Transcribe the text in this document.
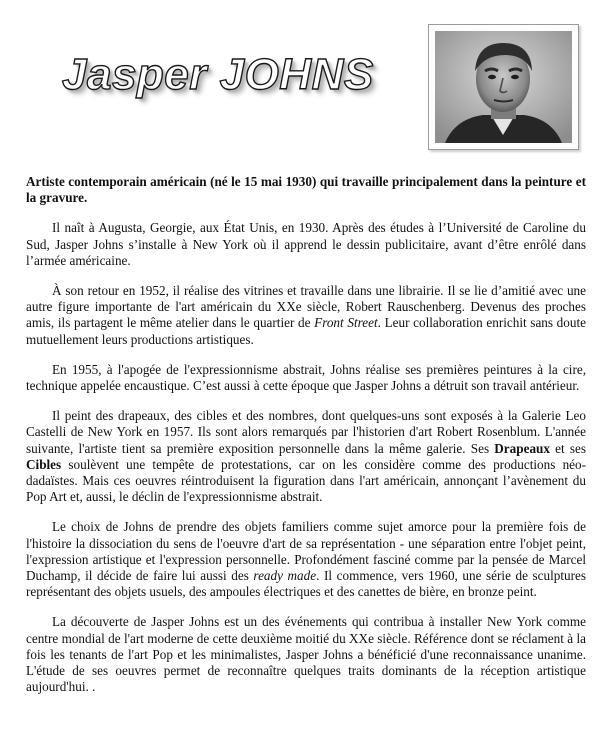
Jasper JOHNS

Artiste contemporain américain (né le 15 mai 1930) qui travaille principalement dans la peinture et la gravure.

Il naît à Augusta, Georgie, aux État Unis, en 1930. Après des études à l’Université de Caroline du Sud, Jasper Johns s’installe à New York où il apprend le dessin publicitaire, avant d’être enrôlé dans l’armée américaine.

À son retour en 1952, il réalise des vitrines et travaille dans une librairie. Il se lie d’amitié avec une autre figure importante de l'art américain du XXe siècle, Robert Rauschenberg. Devenus des proches amis, ils partagent le même atelier dans le quartier de Front Street. Leur collaboration enrichit sans doute mutuellement leurs productions artistiques.

En 1955, à l'apogée de l'expressionnisme abstrait, Johns réalise ses premières peintures à la cire, technique appelée encaustique. C’est aussi à cette époque que Jasper Johns a détruit son travail antérieur.

Il peint des drapeaux, des cibles et des nombres, dont quelques-uns sont exposés à la Galerie Leo Castelli de New York en 1957. Ils sont alors remarqués par l'historien d'art Robert Rosenblum. L'année suivante, l'artiste tient sa première exposition personnelle dans la même galerie. Ses Drapeaux et ses Cibles soulèvent une tempête de protestations, car on les considère comme des productions néo-dadaïstes. Mais ces oeuvres réintroduisent la figuration dans l'art américain, annonçant l’avènement du Pop Art et, aussi, le déclin de l'expressionnisme abstrait.

Le choix de Johns de prendre des objets familiers comme sujet amorce pour la première fois de l'histoire la dissociation du sens de l'oeuvre d'art de sa représentation - une séparation entre l'objet peint, l'expression artistique et l'expression personnelle. Profondément fasciné comme par la pensée de Marcel Duchamp, il décide de faire lui aussi des ready made. Il commence, vers 1960, une série de sculptures représentant des objets usuels, des ampoules électriques et des canettes de bière, en bronze peint.

La découverte de Jasper Johns est un des événements qui contribua à installer New York comme centre mondial de l'art moderne de cette deuxième moitié du XXe siècle. Référence dont se réclament à la fois les tenants de l'art Pop et les minimalistes, Jasper Johns a bénéficié d'une reconnaissance unanime. L'étude de ses oeuvres permet de reconnaître quelques traits dominants de la réception artistique aujourd'hui. .
